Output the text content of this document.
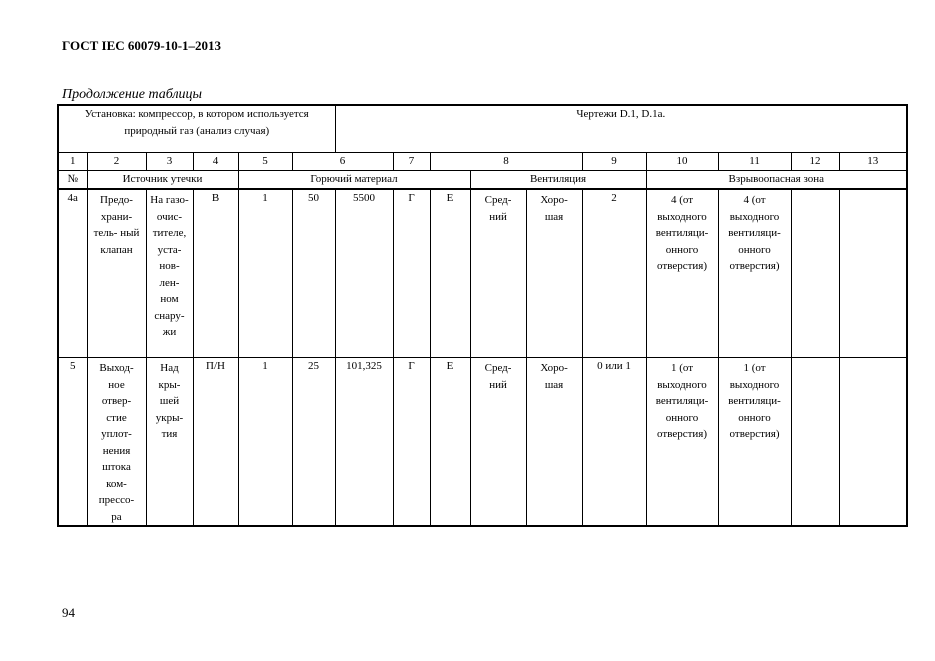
ГОСТ IEC 60079-10-1–2013
Продолжение таблицы
Установка: компрессор, в котором используется природный газ (анализ случая)						Чертежи D.1, D.1а.									
1	2	3	4	5	6		7	8			9	10	11	12	13
№	Источник утечки			Горючий материал					Вентиляция			Взрывоопасная зона			
4а	Предо- храни- тель- ный клапан	На газо- очис- тителе, уста- нов- лен- ном снару- жи	В	1	50	5500	Г	Е	Сред- ний	Хоро- шая	2	4 (от выходного вентиляци- онного отверстия)	4 (от выходного вентиляци- онного отверстия)		
5	Выход- ное отвер- стие уплот- нения штока ком- прессо- ра	Над кры- шей укры- тия	П/Н	1	25	101,325	Г	Е	Сред- ний	Хоро- шая	0 или 1	1 (от выходного вентиляци- онного отверстия)	1 (от выходного вентиляци- онного отверстия)		
94
